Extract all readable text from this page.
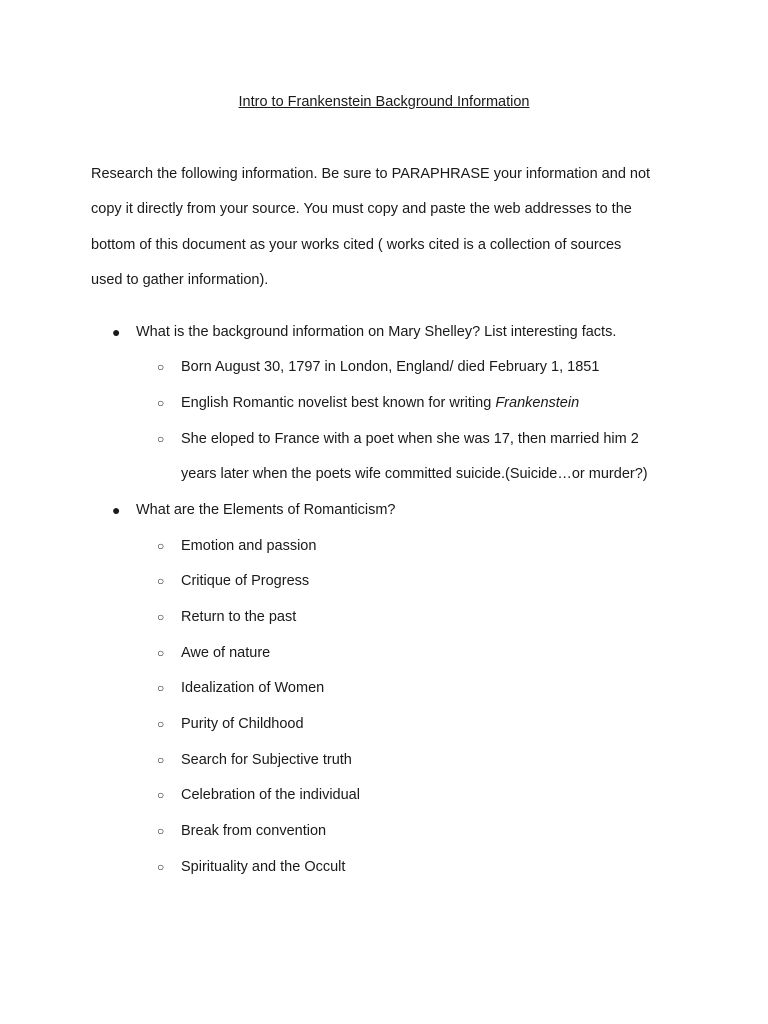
Intro to Frankenstein Background Information
Research the following information. Be sure to PARAPHRASE your information and not
copy it directly from your source. You must copy and paste the web addresses to the
bottom of this document as your works cited ( works cited is a collection of sources
used to gather information).
● What is the background information on Mary Shelley? List interesting facts.
○ Born August 30, 1797 in London, England/ died February 1, 1851
○ English Romantic novelist best known for writing Frankenstein
○ She eloped to France with a poet when she was 17, then married him 2
years later when the poets wife committed suicide.(Suicide…or murder?)
● What are the Elements of Romanticism?
○ Emotion and passion
○ Critique of Progress
○ Return to the past
○ Awe of nature
○ Idealization of Women
○ Purity of Childhood
○ Search for Subjective truth
○ Celebration of the individual
○ Break from convention
○ Spirituality and the Occult
